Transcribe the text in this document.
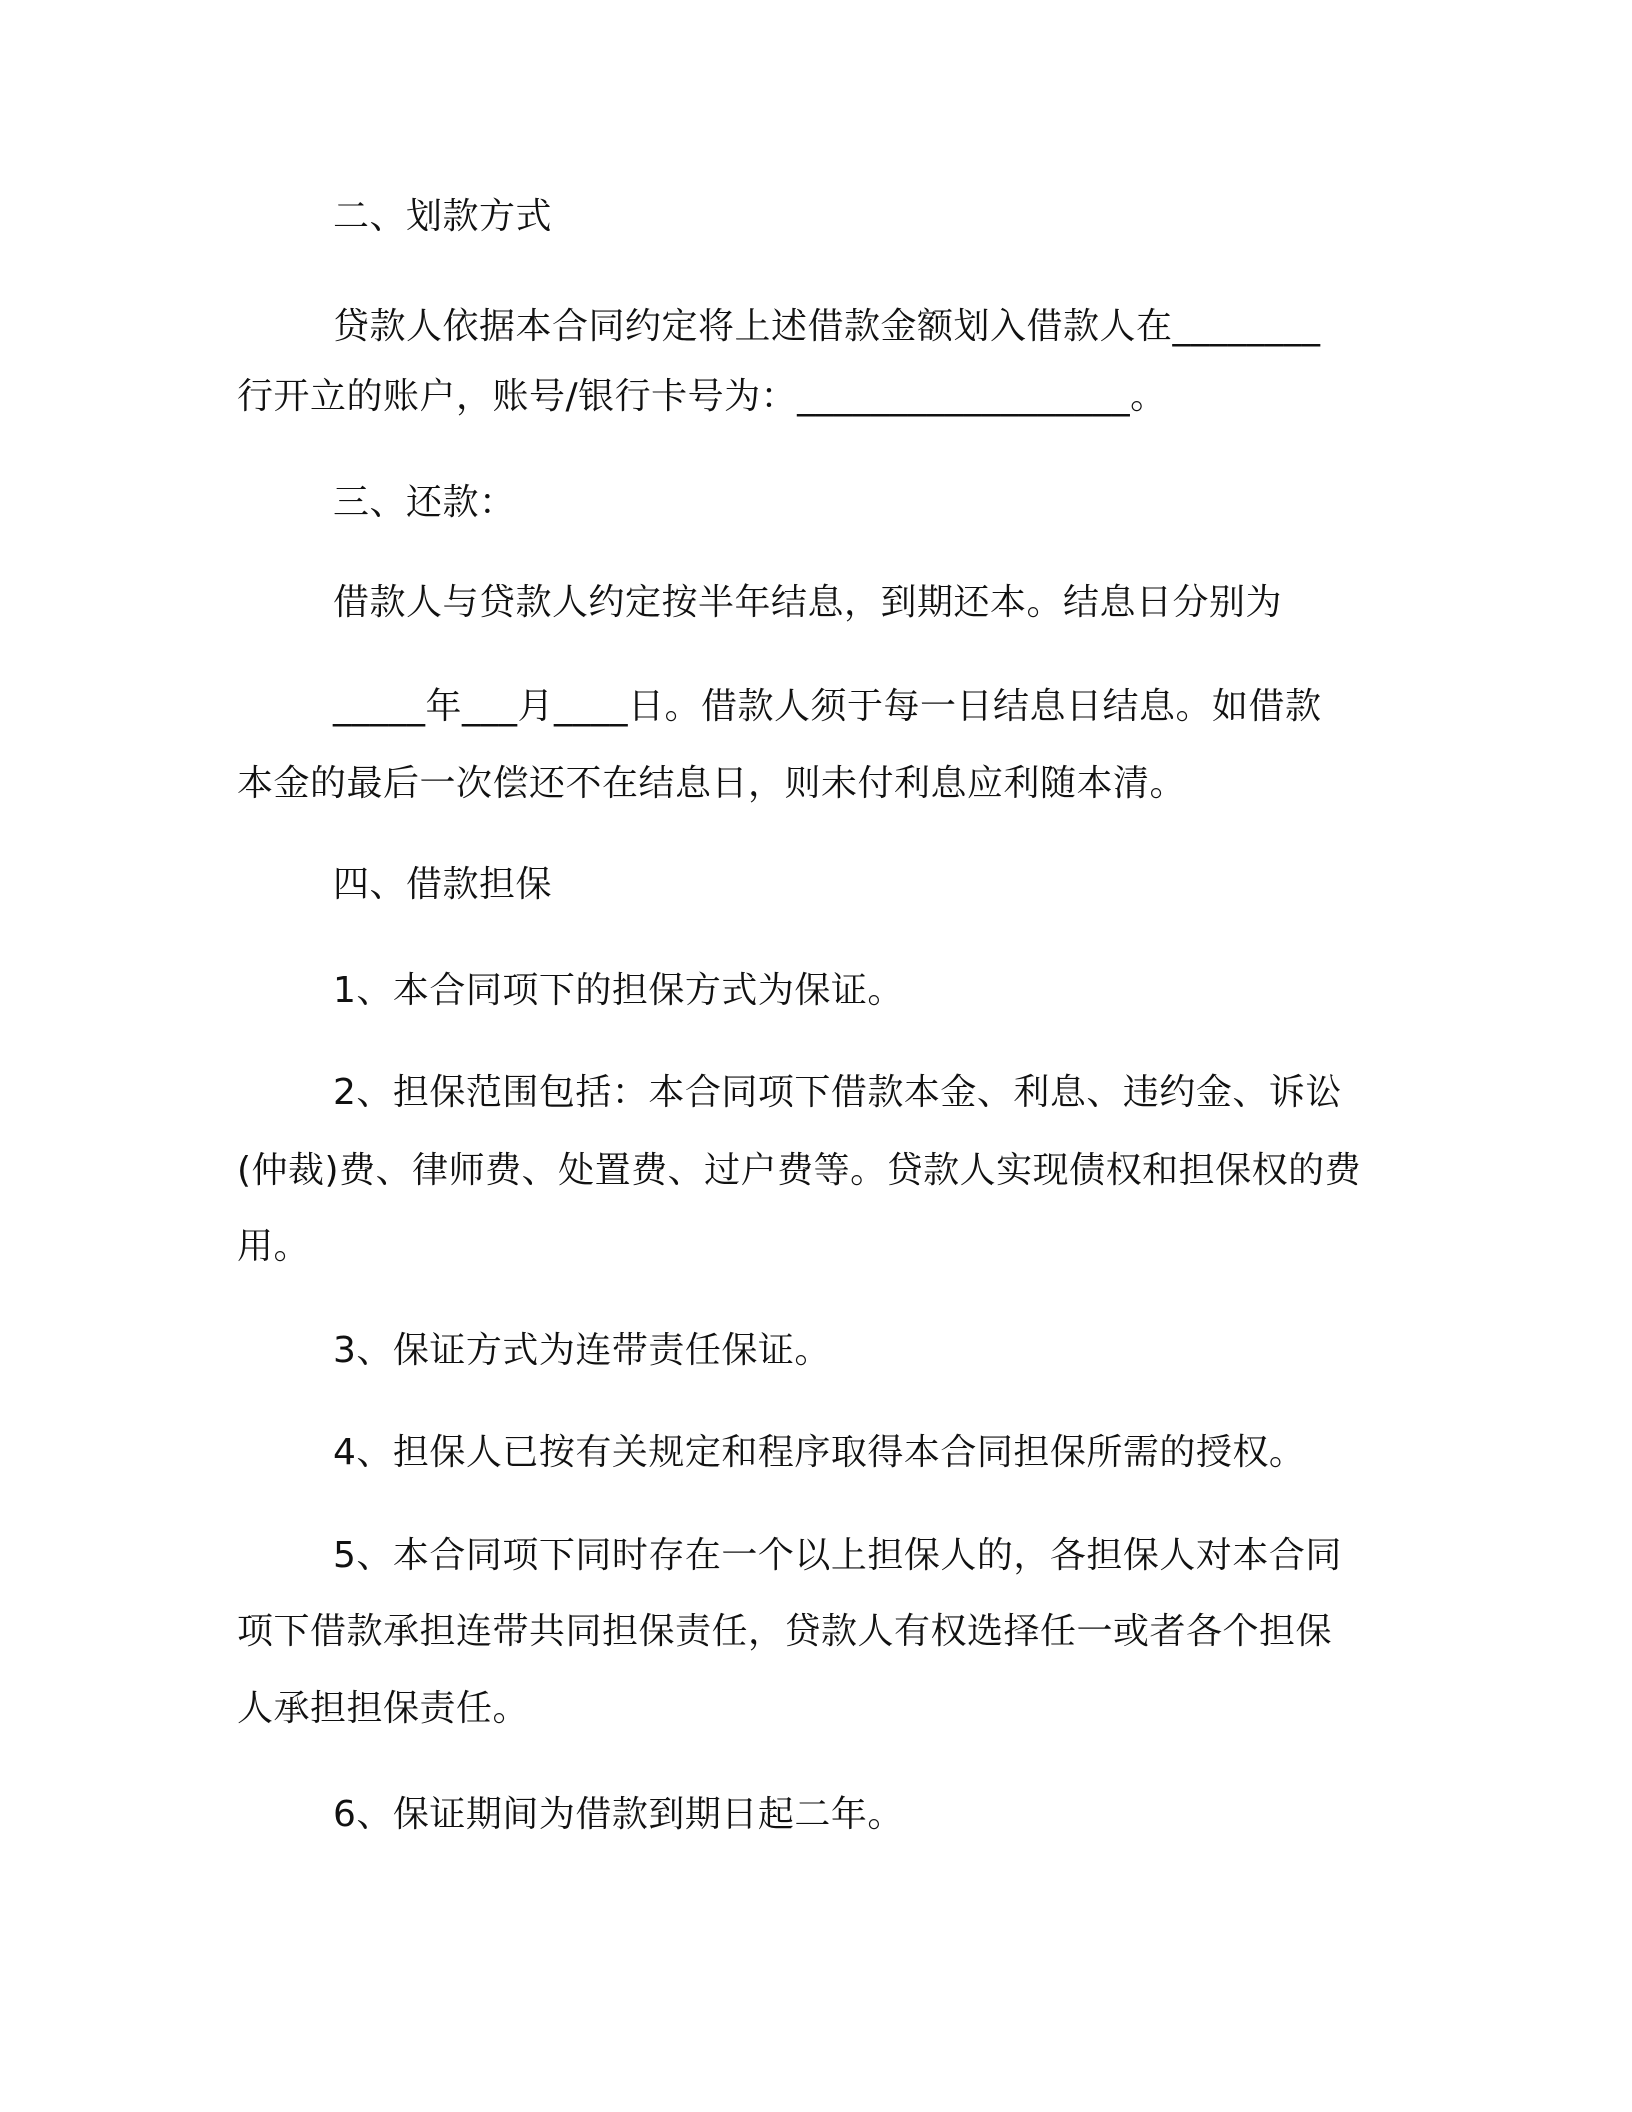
二、划款方式
贷款人依据本合同约定将上述借款金额划入借款人在________
行开立的账户，账号/银行卡号为：__________________。
三、还款：
借款人与贷款人约定按半年结息，到期还本。结息日分别为
_____年___月____日。借款人须于每一日结息日结息。如借款
本金的最后一次偿还不在结息日，则未付利息应利随本清。
四、借款担保
1、本合同项下的担保方式为保证。
2、担保范围包括：本合同项下借款本金、利息、违约金、诉讼
(仲裁)费、律师费、处置费、过户费等。贷款人实现债权和担保权的费
用。
3、保证方式为连带责任保证。
4、担保人已按有关规定和程序取得本合同担保所需的授权。
5、本合同项下同时存在一个以上担保人的，各担保人对本合同
项下借款承担连带共同担保责任，贷款人有权选择任一或者各个担保
人承担担保责任。
6、保证期间为借款到期日起二年。
